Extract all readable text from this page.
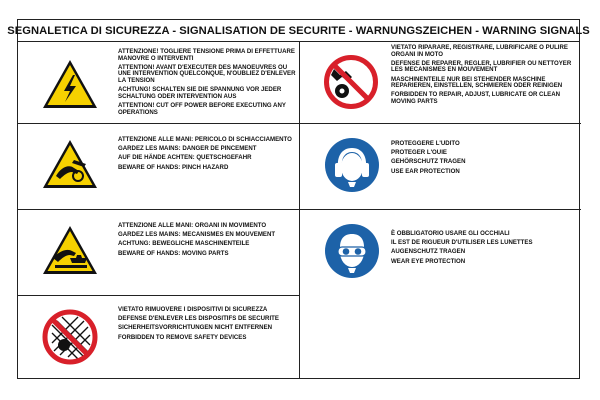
SEGNALETICA DI SICUREZZA - SIGNALISATION DE SECURITE - WARNUNGSZEICHEN - WARNING SIGNALS

ATTENZIONE! TOGLIERE TENSIONE PRIMA DI EFFETTUARE MANOVRE O INTERVENTI

ATTENTION! AVANT D'EXECUTER DES MANOEUVRES OU UNE INTERVENTION QUELCONQUE, N'OUBLIEZ D'ENLEVER LA TENSION

ACHTUNG! SCHALTEN SIE DIE SPANNUNG VOR JEDER SCHALTUNG ODER INTERVENTION AUS

ATTENTION! CUT OFF POWER BEFORE EXECUTING ANY OPERATIONS

ATTENZIONE ALLE MANI: PERICOLO DI SCHIACCIAMENTO

GARDEZ LES MAINS: DANGER DE PINCEMENT

AUF DIE HÄNDE ACHTEN: QUETSCHGEFAHR

BEWARE OF HANDS: PINCH HAZARD

ATTENZIONE ALLE MANI: ORGANI IN MOVIMENTO

GARDEZ LES MAINS: MECANISMES EN MOUVEMENT

ACHTUNG: BEWEGLICHE MASCHINENTEILE

BEWARE OF HANDS: MOVING PARTS

VIETATO RIMUOVERE I DISPOSITIVI DI SICUREZZA

DEFENSE D'ENLEVER LES DISPOSITIFS DE SECURITE

SICHERHEITSVORRICHTUNGEN NICHT ENTFERNEN

FORBIDDEN TO REMOVE SAFETY DEVICES

VIETATO RIPARARE, REGISTRARE, LUBRIFICARE O PULIRE ORGANI IN MOTO

DEFENSE DE REPARER, REGLER, LUBRIFIER OU NETTOYER LES MECANISMES EN MOUVEMENT

MASCHINENTEILE NUR BEI STEHENDER MASCHINE REPARIEREN, EINSTELLEN, SCHMIEREN ODER REINIGEN

FORBIDDEN TO REPAIR, ADJUST, LUBRICATE OR CLEAN MOVING PARTS

PROTEGGERE L'UDITO

PROTEGER L'OUIE

GEHÖRSCHUTZ TRAGEN

USE EAR PROTECTION

È OBBLIGATORIO USARE GLI OCCHIALI

IL EST DE RIGUEUR D'UTILISER LES LUNETTES

AUGENSCHUTZ TRAGEN

WEAR EYE PROTECTION
